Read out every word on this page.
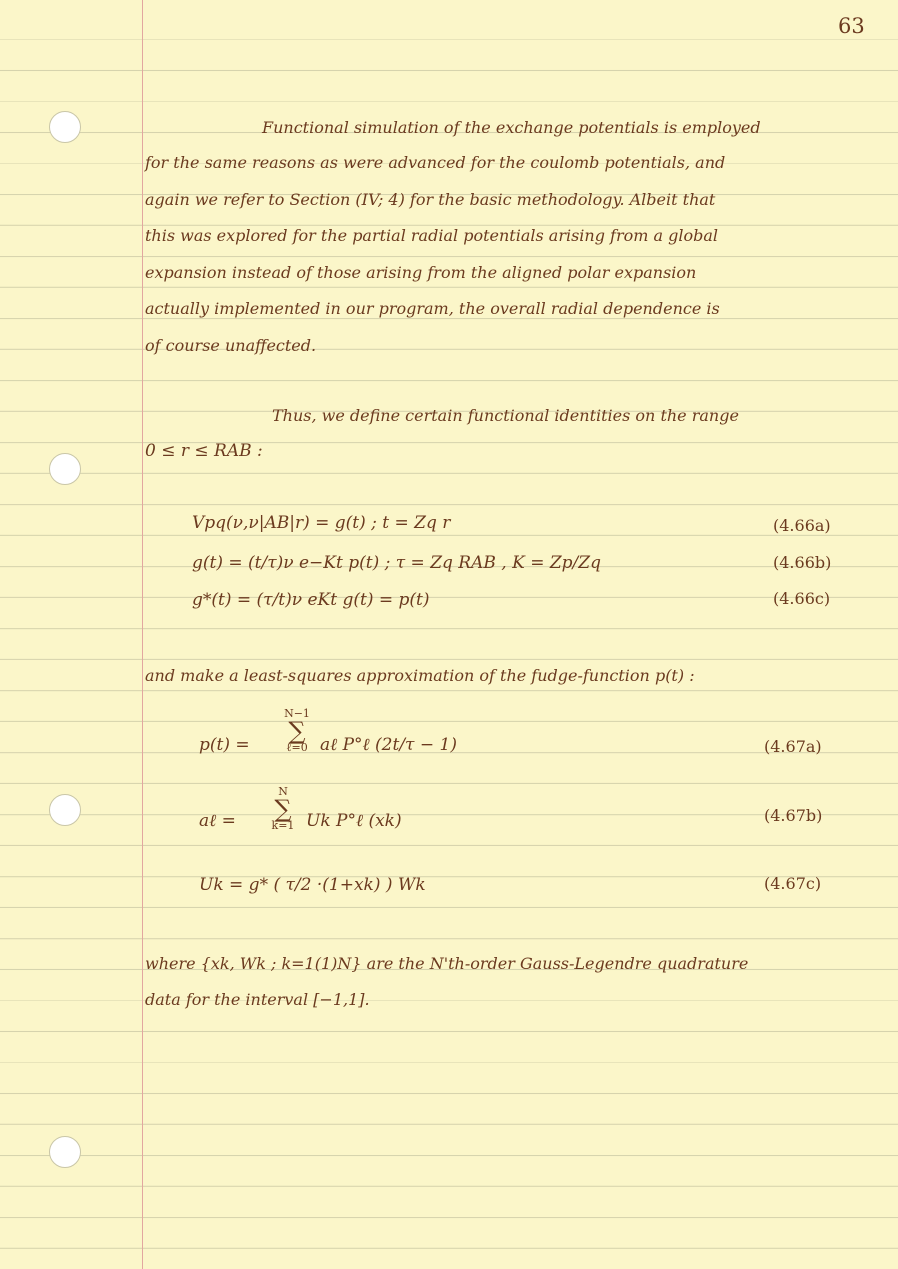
63

Functional simulation of the exchange potentials is employed

for the same reasons as were advanced for the coulomb potentials, and

again we refer to Section (IV; 4) for the basic methodology. Albeit that

this was explored for the partial radial potentials arising from a global

expansion instead of those arising from the aligned polar expansion

actually implemented in our program, the overall radial dependence is

of course unaffected.

Thus, we define certain functional identities on the range

0 ≤ r ≤ RAB :

Vpq(ν,ν|AB|r) = g(t) ; t = Zq r	(4.66a)

g(t) = (t/τ)ν e−Kt p(t) ; τ = Zq RAB , K = Zp/Zq	(4.66b)

g*(t) = (τ/t)ν eKt g(t) = p(t)	(4.66c)

and make a least-squares approximation of the fudge-function p(t) :

p(t) =

N−1
∑
ℓ=0 aℓ P°ℓ (2t/τ − 1)	(4.67a)

aℓ =

N
∑
k=1 Uk P°ℓ (xk)	(4.67b)

Uk = g* ( τ/2 ·(1+xk) ) Wk	(4.67c)

where {xk, Wk ; k=1(1)N} are the N'th-order Gauss-Legendre quadrature

data for the interval [−1,1].
